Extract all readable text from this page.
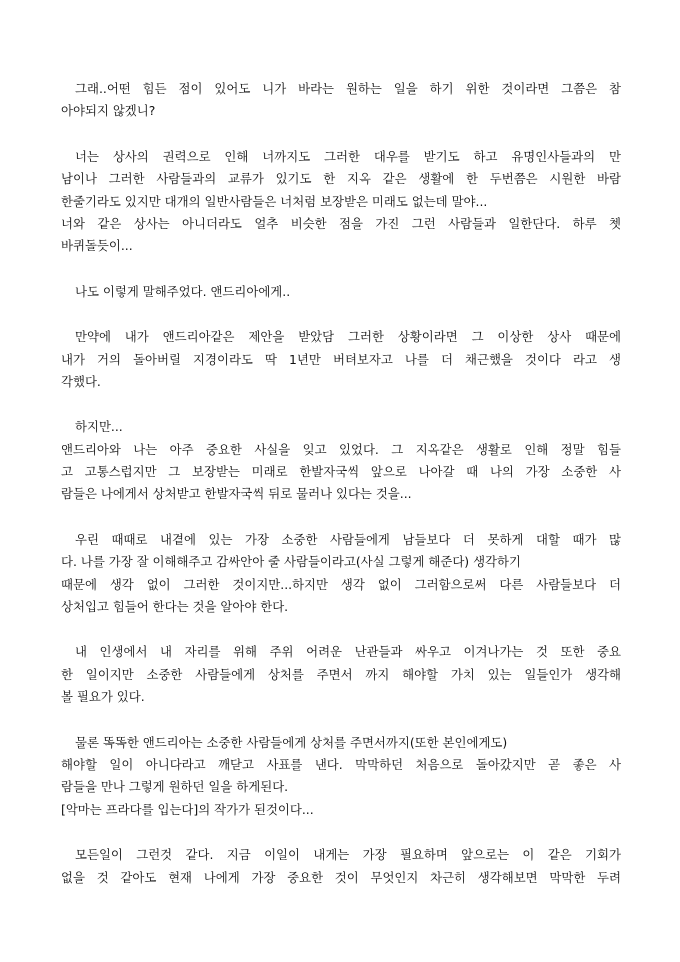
그래..어떤 힘든 점이 있어도 니가 바라는 원하는 일을 하기 위한 것이라면 그쯤은 참
아야되지 않겠니?
너는 상사의 권력으로 인해 너까지도 그러한 대우를 받기도 하고 유명인사들과의 만
남이나 그러한 사람들과의 교류가 있기도 한 지옥 같은 생활에 한 두번쯤은 시원한 바람
한줄기라도 있지만 대개의 일반사람들은 너처럼 보장받은 미래도 없는데 말야...
너와 같은 상사는 아니더라도 얼추 비슷한 점을 가진 그런 사람들과 일한단다. 하루 쳇
바퀴돌듯이...
나도 이렇게 말해주었다. 앤드리아에게..
만약에 내가 앤드리아같은 제안을 받았담 그러한 상황이라면 그 이상한 상사 때문에
내가 거의 돌아버릴 지경이라도 딱 1년만 버텨보자고 나를 더 채근했을 것이다 라고 생
각했다.
하지만...
앤드리아와 나는 아주 중요한 사실을 잊고 있었다. 그 지옥같은 생활로 인해 정말 힘들
고 고통스럽지만 그 보장받는 미래로 한발자국씩 앞으로 나아갈 때 나의 가장 소중한 사
람들은 나에게서 상처받고 한발자국씩 뒤로 물러나 있다는 것을...
우린 때때로 내곁에 있는 가장 소중한 사람들에게 남들보다 더 못하게 대할 때가 많
다. 나를 가장 잘 이해해주고 감싸안아 줄 사람들이라고(사실 그렇게 해준다) 생각하기
때문에 생각 없이 그러한 것이지만...하지만 생각 없이 그러함으로써 다른 사람들보다 더
상처입고 힘들어 한다는 것을 알아야 한다.
내 인생에서 내 자리를 위해 주위 어려운 난관들과 싸우고 이겨나가는 것 또한 중요
한 일이지만 소중한 사람들에게 상처를 주면서 까지 해야할 가치 있는 일들인가 생각해
볼 필요가 있다.
물론 똑똑한 앤드리아는 소중한 사람들에게 상처를 주면서까지(또한 본인에게도)
해야할 일이 아니다라고 깨닫고 사표를 낸다. 막막하던 처음으로 돌아갔지만 곧 좋은 사
람들을 만나 그렇게 원하던 일을 하게된다.
[악마는 프라다를 입는다]의 작가가 된것이다...
모든일이 그런것 같다. 지금 이일이 내게는 가장 필요하며 앞으로는 이 같은 기회가
없을 것 같아도 현재 나에게 가장 중요한 것이 무엇인지 차근히 생각해보면 막막한 두려
